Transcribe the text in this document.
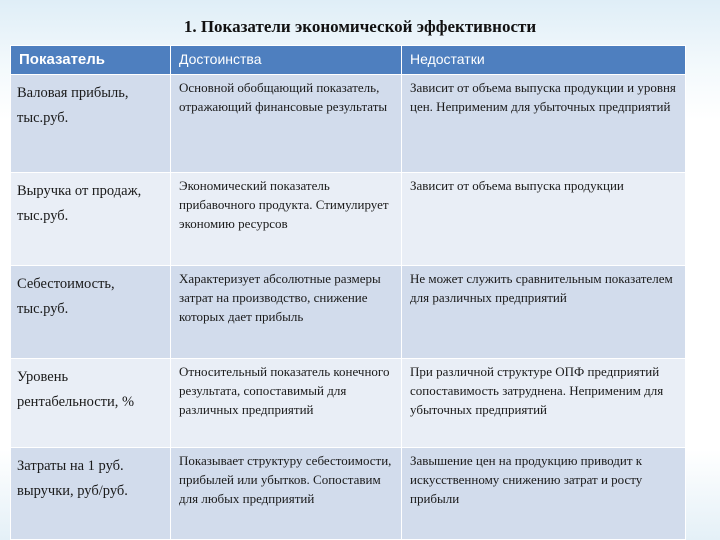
1. Показатели экономической эффективности
Показатель	Достоинства	Недостатки
Валовая прибыль, тыс.руб.	Основной обобщающий показатель, отражающий финансовые результаты	Зависит от объема выпуска продукции и уровня цен. Неприменим для убыточных предприятий
Выручка от продаж, тыс.руб.	Экономический показатель прибавочного продукта. Стимулирует экономию ресурсов	Зависит от объема выпуска продукции
Себестоимость, тыс.руб.	Характеризует абсолютные размеры затрат на производство, снижение которых дает прибыль	Не может служить сравнительным показателем для различных предприятий
Уровень рентабельности, %	Относительный показатель конечного результата, сопоставимый для различных предприятий	При различной структуре ОПФ предприятий сопоставимость затруднена. Неприменим для убыточных предприятий
Затраты на 1 руб. выручки, руб/руб.	Показывает структуру себестоимости, прибылей или убытков. Сопоставим для любых предприятий	Завышение цен на продукцию приводит к искусственному снижению затрат и росту прибыли
